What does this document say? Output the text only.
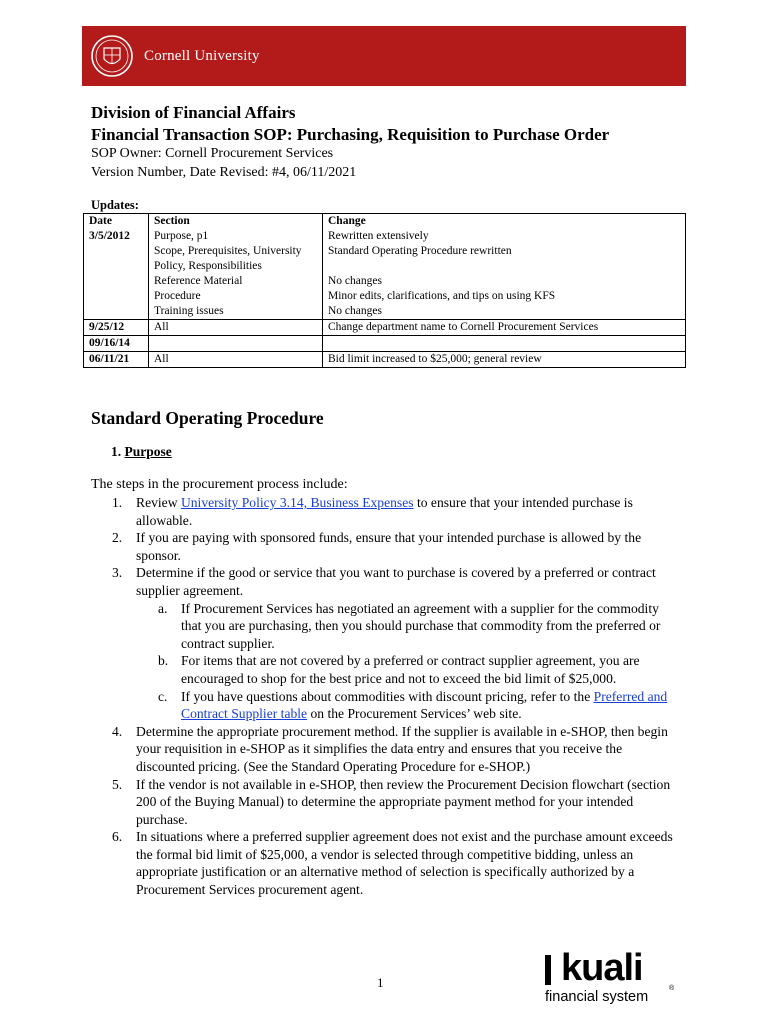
Cornell University
Division of Financial Affairs
Financial Transaction SOP: Purchasing, Requisition to Purchase Order
SOP Owner: Cornell Procurement Services
Version Number, Date Revised: #4, 06/11/2021
Updates:
Date	Section	Change
3/5/2012	Purpose, p1	Rewritten extensively
	Scope, Prerequisites, University Policy, Responsibilities	Standard Operating Procedure rewritten
	Reference Material	No changes
	Procedure	Minor edits, clarifications, and tips on using KFS
	Training issues	No changes
9/25/12	All	Change department name to Cornell Procurement Services
09/16/14		
06/11/21	All	Bid limit increased to $25,000; general review
Standard Operating Procedure
1. Purpose
The steps in the procurement process include:
1. Review University Policy 3.14, Business Expenses to ensure that your intended purchase is allowable.
2. If you are paying with sponsored funds, ensure that your intended purchase is allowed by the sponsor.
3. Determine if the good or service that you want to purchase is covered by a preferred or contract supplier agreement.
a. If Procurement Services has negotiated an agreement with a supplier for the commodity that you are purchasing, then you should purchase that commodity from the preferred or contract supplier.
b. For items that are not covered by a preferred or contract supplier agreement, you are encouraged to shop for the best price and not to exceed the bid limit of $25,000.
c. If you have questions about commodities with discount pricing, refer to the Preferred and Contract Supplier table on the Procurement Services’ web site.
4. Determine the appropriate procurement method. If the supplier is available in e-SHOP, then begin your requisition in e-SHOP as it simplifies the data entry and ensures that you receive the discounted pricing. (See the Standard Operating Procedure for e-SHOP.)
5. If the vendor is not available in e-SHOP, then review the Procurement Decision flowchart (section 200 of the Buying Manual) to determine the appropriate payment method for your intended purchase.
6. In situations where a preferred supplier agreement does not exist and the purchase amount exceeds the formal bid limit of $25,000, a vendor is selected through competitive bidding, unless an appropriate justification or an alternative method of selection is specifically authorized by a Procurement Services procurement agent.
1	kuali
financial system
®
